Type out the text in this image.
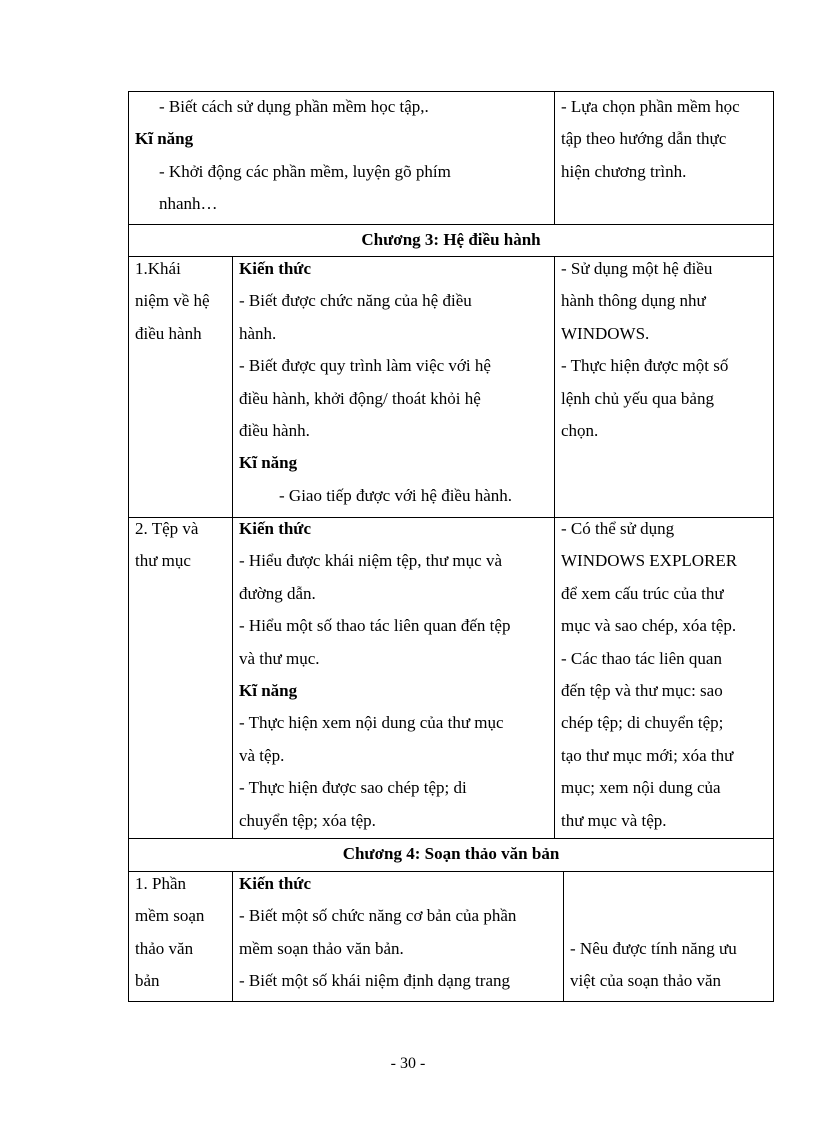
- Biết cách sử dụng phần mềm học tập,.
Kĩ năng
- Khởi động các phần mềm, luyện gõ phím
nhanh…
- Lựa chọn phần mềm học
tập theo hướng dẫn thực
hiện chương trình.
Chương 3: Hệ điều hành
1.Khái
niệm về hệ
điều hành
Kiến thức
- Biết được chức năng của hệ điều
hành.
- Biết được quy trình làm việc với hệ
điều hành, khởi động/ thoát khỏi hệ
điều hành.
Kĩ năng
- Giao tiếp được với hệ điều hành.
- Sử dụng một hệ điều
hành thông dụng như
WINDOWS.
- Thực hiện được một số
lệnh chủ yếu qua bảng
chọn.
2. Tệp và
thư mục
Kiến thức
- Hiểu được khái niệm tệp, thư mục và
đường dẫn.
- Hiểu một số thao tác liên quan đến tệp
và thư mục.
Kĩ năng
- Thực hiện xem nội dung của thư mục
và tệp.
- Thực hiện được sao chép tệp; di
chuyển tệp; xóa tệp.
- Có thể sử dụng
WINDOWS EXPLORER
để xem cấu trúc của thư
mục và sao chép, xóa tệp.
- Các thao tác liên quan
đến tệp và thư mục: sao
chép tệp; di chuyển tệp;
tạo thư mục mới; xóa thư
mục; xem nội dung của
thư mục và tệp.
Chương 4: Soạn thảo văn bản
1. Phần
mềm soạn
thảo văn
bản
Kiến thức
- Biết một số chức năng cơ bản của phần
mềm soạn thảo văn bản.
- Biết một số khái niệm định dạng trang
- Nêu được tính năng ưu
việt của soạn thảo văn
- 30 -
